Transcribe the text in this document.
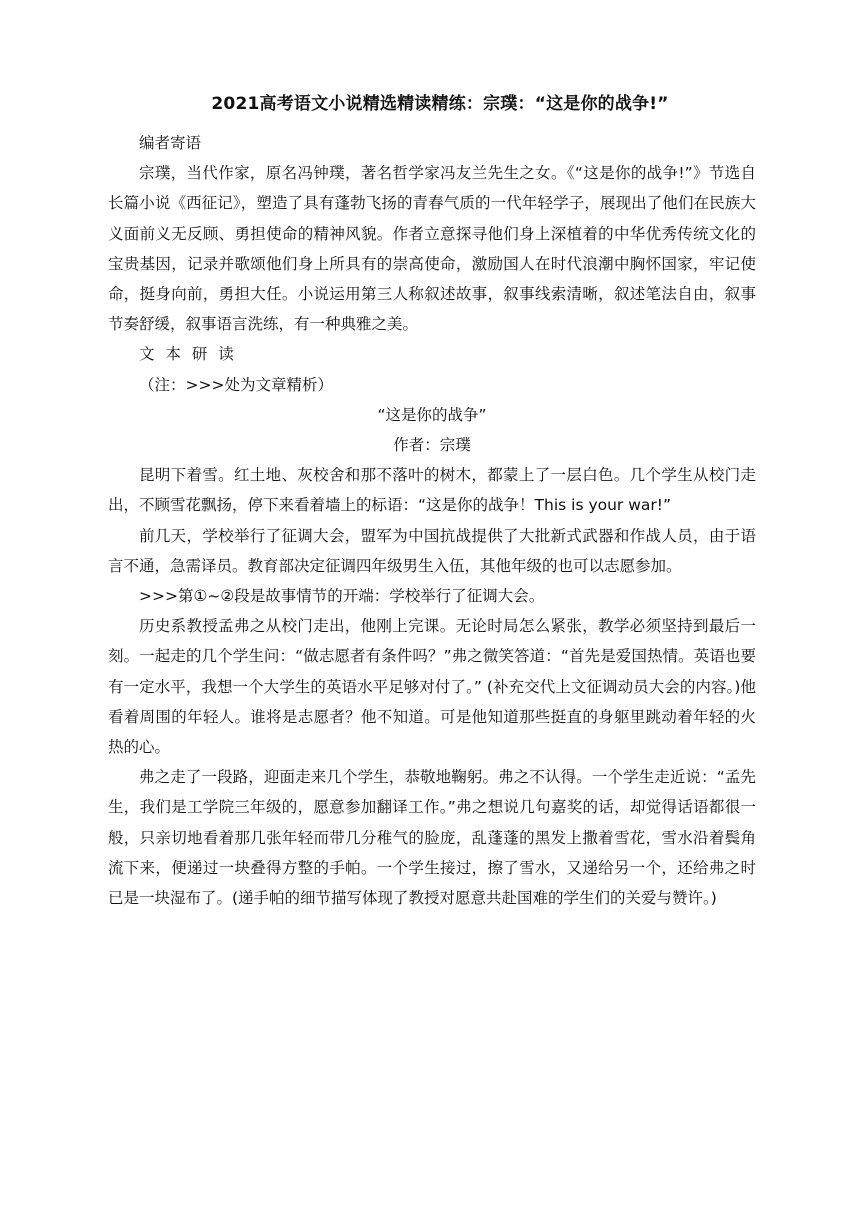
2021高考语文小说精选精读精练：宗璞：“这是你的战争!”

编者寄语

宗璞，当代作家，原名冯钟璞，著名哲学家冯友兰先生之女。《“这是你的战争!”》节选自长篇小说《西征记》，塑造了具有蓬勃飞扬的青春气质的一代年轻学子，展现出了他们在民族大义面前义无反顾、勇担使命的精神风貌。作者立意探寻他们身上深植着的中华优秀传统文化的宝贵基因，记录并歌颂他们身上所具有的崇高使命，激励国人在时代浪潮中胸怀国家，牢记使命，挺身向前，勇担大任。小说运用第三人称叙述故事，叙事线索清晰，叙述笔法自由，叙事节奏舒缓，叙事语言洗练，有一种典雅之美。

文 本 研 读

（注：>>>处为文章精析）

“这是你的战争”

作者：宗璞

昆明下着雪。红土地、灰校舍和那不落叶的树木，都蒙上了一层白色。几个学生从校门走出，不顾雪花飘扬，停下来看着墙上的标语：“这是你的战争！This is your war!”

前几天，学校举行了征调大会，盟军为中国抗战提供了大批新式武器和作战人员，由于语言不通，急需译员。教育部决定征调四年级男生入伍，其他年级的也可以志愿参加。

>>>第①~②段是故事情节的开端：学校举行了征调大会。

历史系教授孟弗之从校门走出，他刚上完课。无论时局怎么紧张，教学必须坚持到最后一刻。一起走的几个学生问：“做志愿者有条件吗？”弗之微笑答道：“首先是爱国热情。英语也要有一定水平，我想一个大学生的英语水平足够对付了。” (补充交代上文征调动员大会的内容。)他看着周围的年轻人。谁将是志愿者？他不知道。可是他知道那些挺直的身躯里跳动着年轻的火热的心。

弗之走了一段路，迎面走来几个学生，恭敬地鞠躬。弗之不认得。一个学生走近说：“孟先生，我们是工学院三年级的，愿意参加翻译工作。”弗之想说几句嘉奖的话，却觉得话语都很一般，只亲切地看着那几张年轻而带几分稚气的脸庞，乱蓬蓬的黑发上撒着雪花，雪水沿着鬓角流下来，便递过一块叠得方整的手帕。一个学生接过，擦了雪水，又递给另一个，还给弗之时已是一块湿布了。(递手帕的细节描写体现了教授对愿意共赴国难的学生们的关爱与赞许。)
